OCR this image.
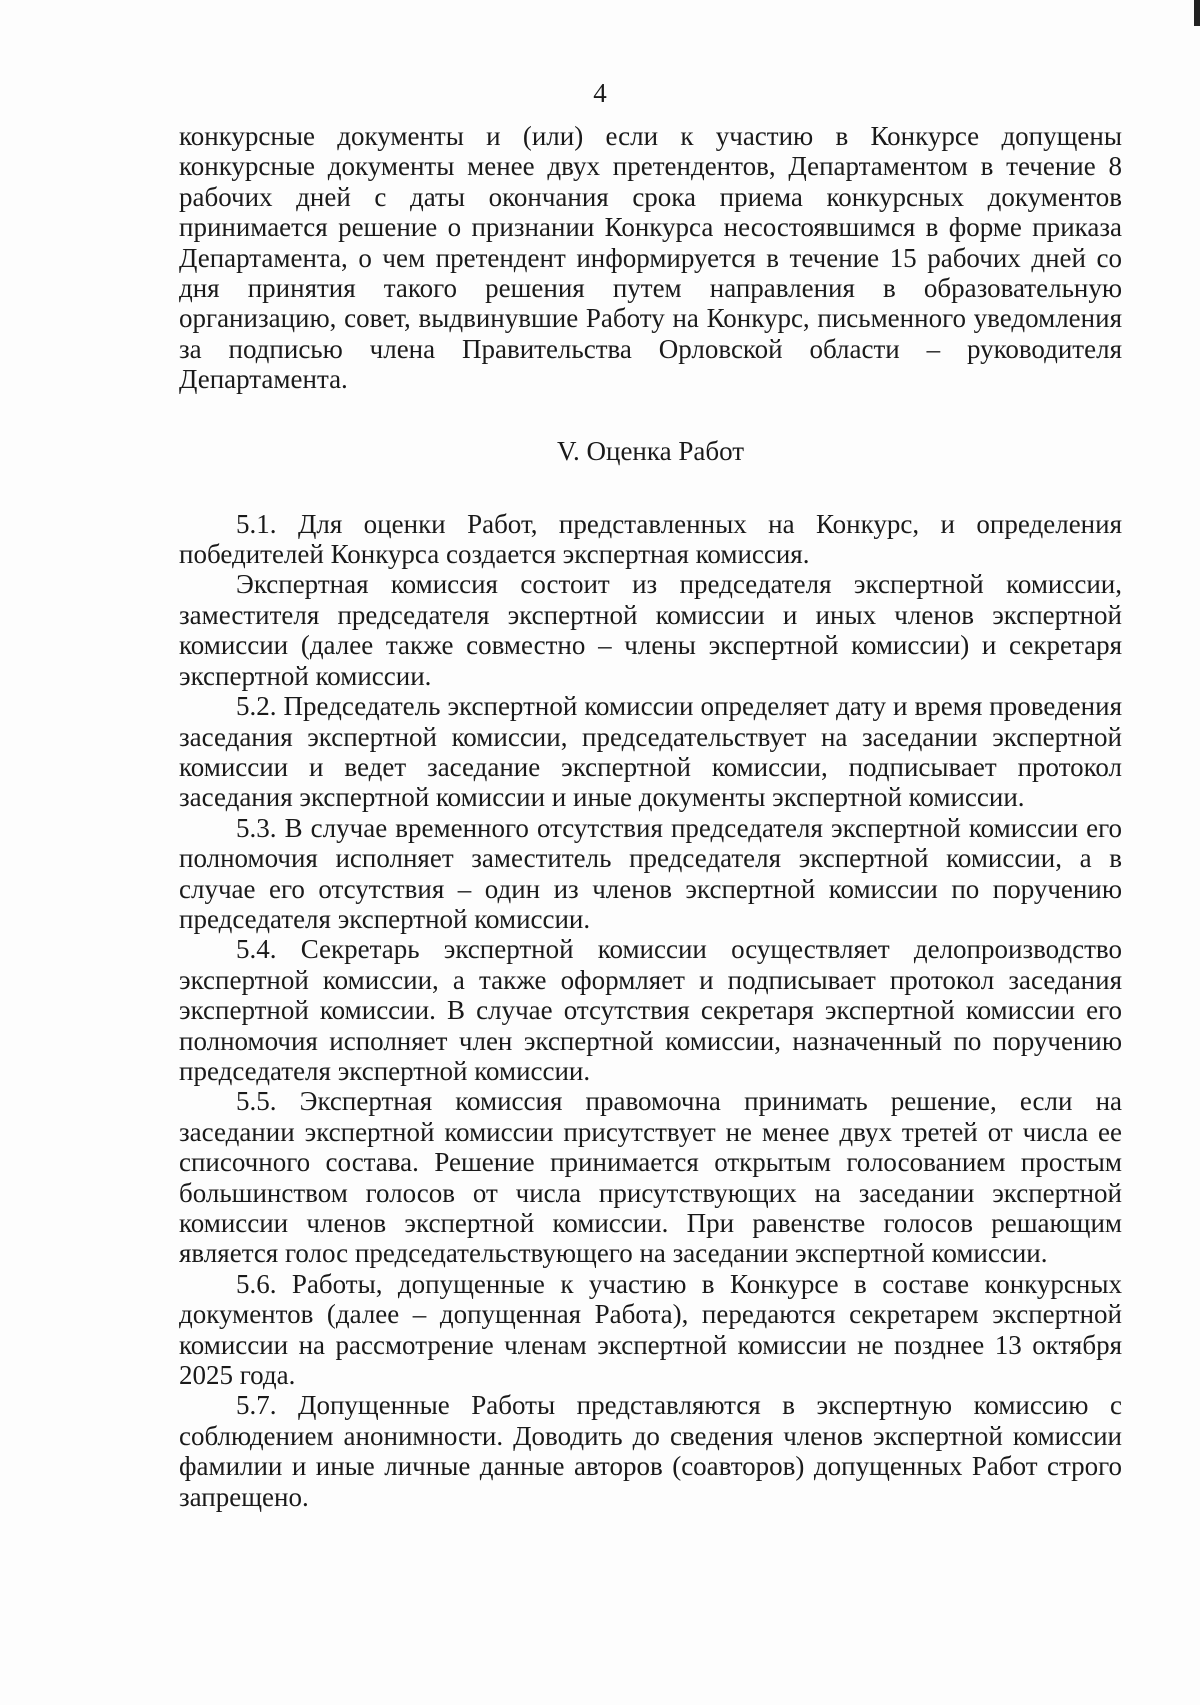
4

конкурсные документы и (или) если к участию в Конкурсе допущены конкурсные документы менее двух претендентов, Департаментом в течение 8 рабочих дней с даты окончания срока приема конкурсных документов принимается решение о признании Конкурса несостоявшимся в форме приказа Департамента, о чем претендент информируется в течение 15 рабочих дней со дня принятия такого решения путем направления в образовательную организацию, совет, выдвинувшие Работу на Конкурс, письменного уведомления за подписью члена Правительства Орловской области – руководителя Департамента.

V. Оценка Работ

5.1. Для оценки Работ, представленных на Конкурс, и определения победителей Конкурса создается экспертная комиссия.

Экспертная комиссия состоит из председателя экспертной комиссии, заместителя председателя экспертной комиссии и иных членов экспертной комиссии (далее также совместно – члены экспертной комиссии) и секретаря экспертной комиссии.

5.2. Председатель экспертной комиссии определяет дату и время проведения заседания экспертной комиссии, председательствует на заседании экспертной комиссии и ведет заседание экспертной комиссии, подписывает протокол заседания экспертной комиссии и иные документы экспертной комиссии.

5.3. В случае временного отсутствия председателя экспертной комиссии его полномочия исполняет заместитель председателя экспертной комиссии, а в случае его отсутствия – один из членов экспертной комиссии по поручению председателя экспертной комиссии.

5.4. Секретарь экспертной комиссии осуществляет делопроизводство экспертной комиссии, а также оформляет и подписывает протокол заседания экспертной комиссии. В случае отсутствия секретаря экспертной комиссии его полномочия исполняет член экспертной комиссии, назначенный по поручению председателя экспертной комиссии.

5.5. Экспертная комиссия правомочна принимать решение, если на заседании экспертной комиссии присутствует не менее двух третей от числа ее списочного состава. Решение принимается открытым голосованием простым большинством голосов от числа присутствующих на заседании экспертной комиссии членов экспертной комиссии. При равенстве голосов решающим является голос председательствующего на заседании экспертной комиссии.

5.6. Работы, допущенные к участию в Конкурсе в составе конкурсных документов (далее – допущенная Работа), передаются секретарем экспертной комиссии на рассмотрение членам экспертной комиссии не позднее 13 октября 2025 года.

5.7. Допущенные Работы представляются в экспертную комиссию с соблюдением анонимности. Доводить до сведения членов экспертной комиссии фамилии и иные личные данные авторов (соавторов) допущенных Работ строго запрещено.
